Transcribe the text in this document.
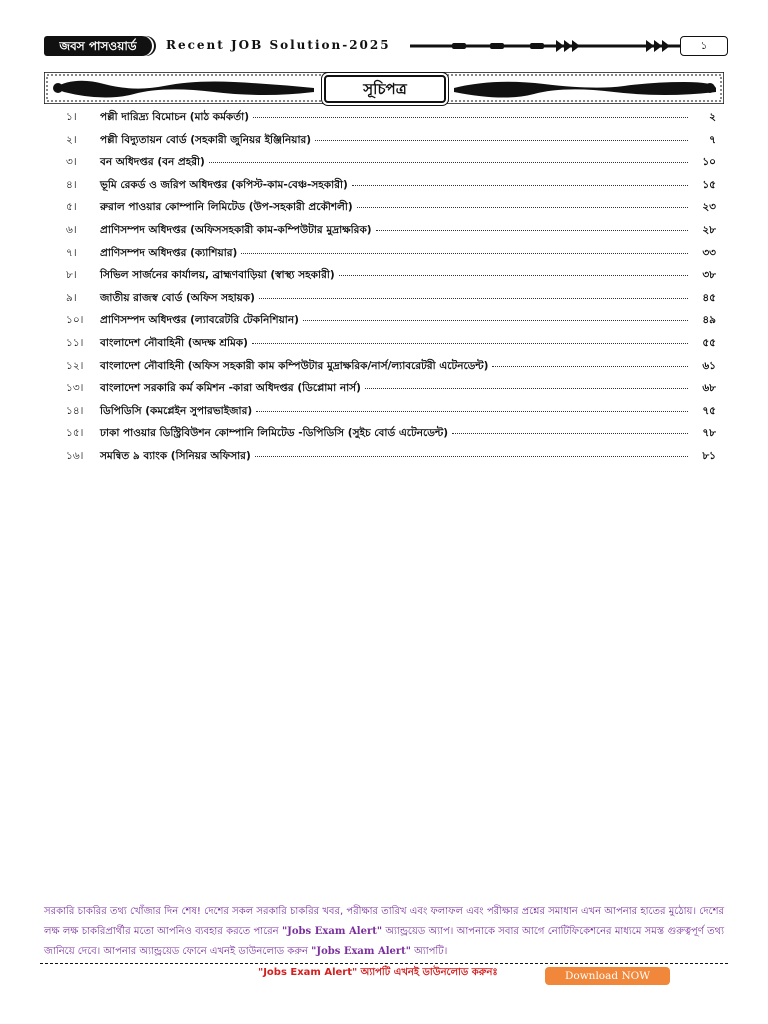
জবস পাসওয়ার্ড	Recent JOB Solution-2025	১
সূচিপত্র
১।	পল্লী দারিদ্র্য বিমোচন (মাঠ কর্মকর্তা)	২
২।	পল্লী বিদ্যুতায়ন বোর্ড (সহকারী জুনিয়র ইঞ্জিনিয়ার)	৭
৩।	বন অধিদপ্তর (বন প্রহরী)	১০
৪।	ভূমি রেকর্ড ও জরিপ অধিদপ্তর (কপিস্ট-কাম-বেঞ্চ-সহকারী)	১৫
৫।	রুরাল পাওয়ার কোম্পানি লিমিটেড (উপ-সহকারী প্রকৌশলী)	২৩
৬।	প্রাণিসম্পদ অধিদপ্তর (অফিসসহকারী কাম-কম্পিউটার মুদ্রাক্ষরিক)	২৮
৭।	প্রাণিসম্পদ অধিদপ্তর (ক্যাশিয়ার)	৩৩
৮।	সিভিল সার্জনের কার্যালয়, ব্রাহ্মণবাড়িয়া (স্বাস্থ্য সহকারী)	৩৮
৯।	জাতীয় রাজস্ব বোর্ড (অফিস সহায়ক)	৪৫
১০।	প্রাণিসম্পদ অধিদপ্তর (ল্যাবরেটরি টেকনিশিয়ান)	৪৯
১১।	বাংলাদেশ নৌবাহিনী (অদক্ষ শ্রমিক)	৫৫
১২।	বাংলাদেশ নৌবাহিনী (অফিস সহকারী কাম কম্পিউটার মুদ্রাক্ষরিক/নার্স/ল্যাবরেটরী এটেনডেন্ট)	৬১
১৩।	বাংলাদেশ সরকারি কর্ম কমিশন -কারা অধিদপ্তর (ডিপ্লোমা নার্স)	৬৮
১৪।	ডিপিডিসি (কমপ্লেইন সুপারভাইজার)	৭৫
১৫।	ঢাকা পাওয়ার ডিস্ট্রিবিউশন কোম্পানি লিমিটেড -ডিপিডিসি (সুইচ বোর্ড এটেনডেন্ট)	৭৮
১৬।	সমন্বিত ৯ ব্যাংক (সিনিয়র অফিসার)	৮১
সরকারি চাকরির তথ্য খোঁজার দিন শেষ! দেশের সকল সরকারি চাকরির খবর, পরীক্ষার তারিখ এবং ফলাফল এবং পরীক্ষার প্রশ্নের সমাধান এখন আপনার হাতের মুঠোয়। দেশের লক্ষ লক্ষ চাকরিপ্রার্থীর মতো আপনিও ব্যবহার করতে পারেন "Jobs Exam Alert" অ্যান্ড্রয়েড অ্যাপ। আপনাকে সবার আগে নোটিফিকেশনের মাধ্যমে সমস্ত গুরুত্বপূর্ণ তথ্য জানিয়ে দেবে। আপনার অ্যান্ড্রয়েড ফোনে এখনই ডাউনলোড করুন "Jobs Exam Alert" অ্যাপটি।
"Jobs Exam Alert" অ্যাপটি এখনই ডাউনলোড করুনঃ	Download NOW
